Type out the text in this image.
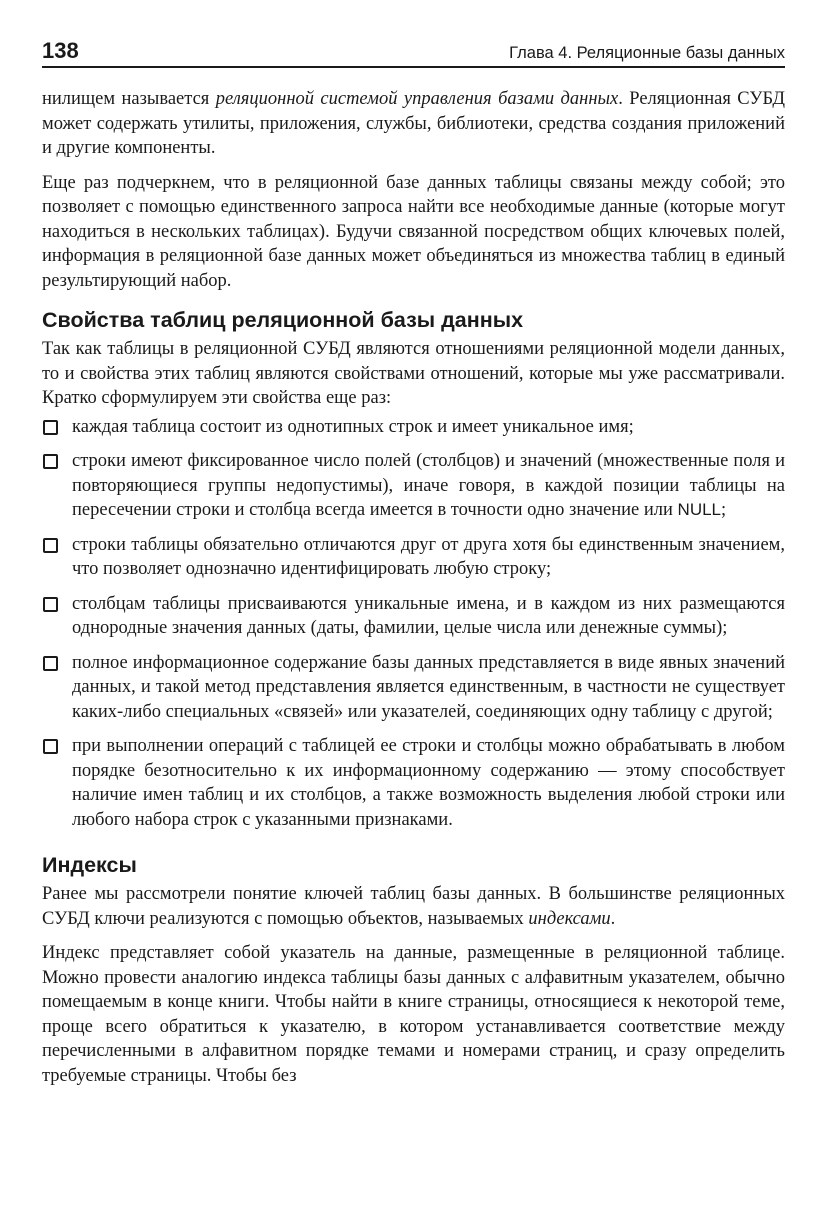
138	Глава 4. Реляционные базы данных

нилищем называется реляционной системой управления базами данных. Реляционная СУБД может содержать утилиты, приложения, службы, библиотеки, средства создания приложений и другие компоненты.

Еще раз подчеркнем, что в реляционной базе данных таблицы связаны между собой; это позволяет с помощью единственного запроса найти все необходимые данные (которые могут находиться в нескольких таблицах). Будучи связанной посредством общих ключевых полей, информация в реляционной базе данных может объединяться из множества таблиц в единый результирующий набор.

Свойства таблиц реляционной базы данных

Так как таблицы в реляционной СУБД являются отношениями реляционной модели данных, то и свойства этих таблиц являются свойствами отношений, которые мы уже рассматривали. Кратко сформулируем эти свойства еще раз:

каждая таблица состоит из однотипных строк и имеет уникальное имя;
строки имеют фиксированное число полей (столбцов) и значений (множественные поля и повторяющиеся группы недопустимы), иначе говоря, в каждой позиции таблицы на пересечении строки и столбца всегда имеется в точности одно значение или NULL;
строки таблицы обязательно отличаются друг от друга хотя бы единственным значением, что позволяет однозначно идентифицировать любую строку;
столбцам таблицы присваиваются уникальные имена, и в каждом из них размещаются однородные значения данных (даты, фамилии, целые числа или денежные суммы);
полное информационное содержание базы данных представляется в виде явных значений данных, и такой метод представления является единственным, в частности не существует каких-либо специальных «связей» или указателей, соединяющих одну таблицу с другой;
при выполнении операций с таблицей ее строки и столбцы можно обрабатывать в любом порядке безотносительно к их информационному содержанию — этому способствует наличие имен таблиц и их столбцов, а также возможность выделения любой строки или любого набора строк с указанными признаками.
Индексы

Ранее мы рассмотрели понятие ключей таблиц базы данных. В большинстве реляционных СУБД ключи реализуются с помощью объектов, называемых индексами.

Индекс представляет собой указатель на данные, размещенные в реляционной таблице. Можно провести аналогию индекса таблицы базы данных с алфавитным указателем, обычно помещаемым в конце книги. Чтобы найти в книге страницы, относящиеся к некоторой теме, проще всего обратиться к указателю, в котором устанавливается соответствие между перечисленными в алфавитном порядке темами и номерами страниц, и сразу определить требуемые страницы. Чтобы без
